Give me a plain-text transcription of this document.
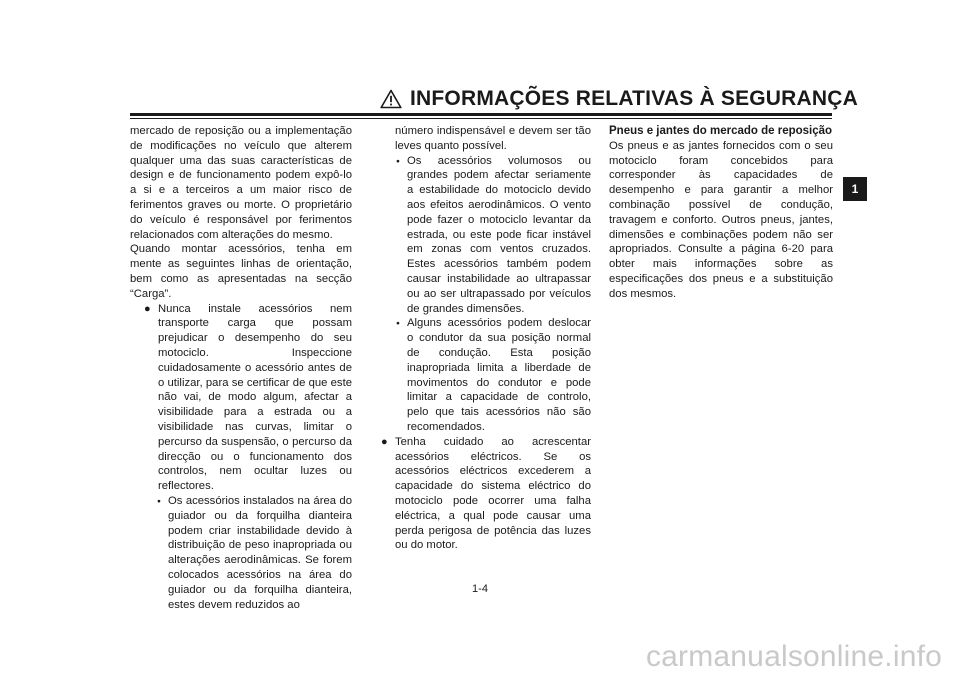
INFORMAÇÕES RELATIVAS À SEGURANÇA

mercado de reposição ou a implementação de modificações no veículo que alterem qualquer uma das suas características de design e de funcionamento podem expô-lo a si e a terceiros a um maior risco de ferimentos graves ou morte. O proprietário do veículo é responsável por ferimentos relacionados com alterações do mesmo.

Quando montar acessórios, tenha em mente as seguintes linhas de orientação, bem como as apresentadas na secção “Carga”.

● Nunca instale acessórios nem transporte carga que possam prejudicar o desempenho do seu motociclo. Inspeccione cuidadosamente o acessório antes de o utilizar, para se certificar de que este não vai, de modo algum, afectar a visibilidade para a estrada ou a visibilidade nas curvas, limitar o percurso da suspensão, o percurso da direcção ou o funcionamento dos controlos, nem ocultar luzes ou reflectores.

● Os acessórios instalados na área do guiador ou da forquilha dianteira podem criar instabilidade devido à distribuição de peso inapropriada ou alterações aerodinâmicas. Se forem colocados acessórios na área do guiador ou da forquilha dianteira, estes devem reduzidos ao

número indispensável e devem ser tão leves quanto possível.

● Os acessórios volumosos ou grandes podem afectar seriamente a estabilidade do motociclo devido aos efeitos aerodinâmicos. O vento pode fazer o motociclo levantar da estrada, ou este pode ficar instável em zonas com ventos cruzados. Estes acessórios também podem causar instabilidade ao ultrapassar ou ao ser ultrapassado por veículos de grandes dimensões.

● Alguns acessórios podem deslocar o condutor da sua posição normal de condução. Esta posição inapropriada limita a liberdade de movimentos do condutor e pode limitar a capacidade de controlo, pelo que tais acessórios não são recomendados.

● Tenha cuidado ao acrescentar acessórios eléctricos. Se os acessórios eléctricos excederem a capacidade do sistema eléctrico do motociclo pode ocorrer uma falha eléctrica, a qual pode causar uma perda perigosa de potência das luzes ou do motor.

Pneus e jantes do mercado de reposição

Os pneus e as jantes fornecidos com o seu motociclo foram concebidos para corresponder às capacidades de desempenho e para garantir a melhor combinação possível de condução, travagem e conforto. Outros pneus, jantes, dimensões e combinações podem não ser apropriados. Consulte a página 6-20 para obter mais informações sobre as especificações dos pneus e a substituição dos mesmos.

1
1-4
carmanualsonline.info
